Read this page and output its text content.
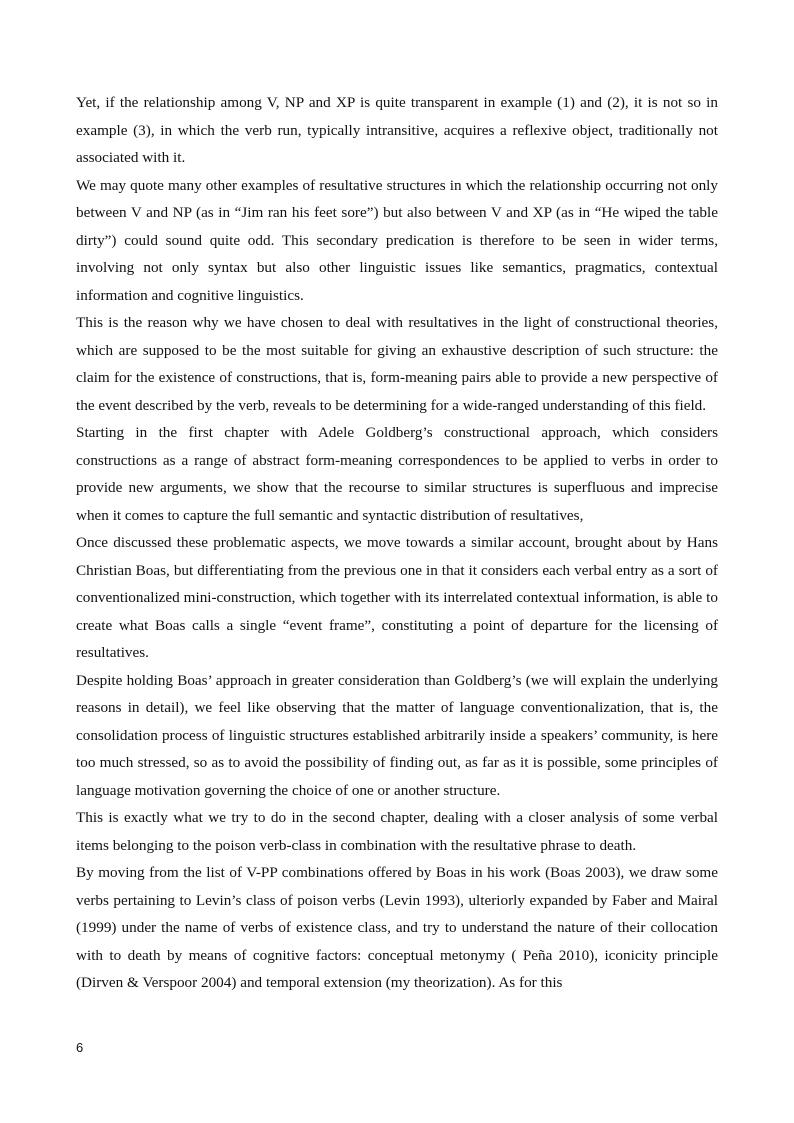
Yet, if the relationship among V, NP and XP is quite transparent in example (1) and (2), it is not so in example (3), in which the verb run, typically intransitive, acquires a reflexive object, traditionally not associated with it.

We may quote many other examples of resultative structures in which the relationship occurring not only between V and NP (as in “Jim ran his feet sore”) but also between V and XP (as in “He wiped the table dirty”) could sound quite odd. This secondary predication is therefore to be seen in wider terms, involving not only syntax but also other linguistic issues like semantics, pragmatics, contextual information and cognitive linguistics.

This is the reason why we have chosen to deal with resultatives in the light of constructional theories, which are supposed to be the most suitable for giving an exhaustive description of such structure: the claim for the existence of constructions, that is, form-meaning pairs able to provide a new perspective of the event described by the verb, reveals to be determining for a wide-ranged understanding of this field.

Starting in the first chapter with Adele Goldberg’s constructional approach, which considers constructions as a range of abstract form-meaning correspondences to be applied to verbs in order to provide new arguments, we show that the recourse to similar structures is superfluous and imprecise when it comes to capture the full semantic and syntactic distribution of resultatives,

Once discussed these problematic aspects, we move towards a similar account, brought about by Hans Christian Boas, but differentiating from the previous one in that it considers each verbal entry as a sort of conventionalized mini-construction, which together with its interrelated contextual information, is able to create what Boas calls a single “event frame”, constituting a point of departure for the licensing of resultatives.

Despite holding Boas’ approach in greater consideration than Goldberg’s (we will explain the underlying reasons in detail), we feel like observing that the matter of language conventionalization, that is, the consolidation process of linguistic structures established arbitrarily inside a speakers’ community, is here too much stressed, so as to avoid the possibility of finding out, as far as it is possible, some principles of language motivation governing the choice of one or another structure.

This is exactly what we try to do in the second chapter, dealing with a closer analysis of some verbal items belonging to the poison verb-class in combination with the resultative phrase to death.

By moving from the list of V-PP combinations offered by Boas in his work (Boas 2003), we draw some verbs pertaining to Levin’s class of poison verbs (Levin 1993), ulteriorly expanded by Faber and Mairal (1999) under the name of verbs of existence class, and try to understand the nature of their collocation with to death by means of cognitive factors: conceptual metonymy ( Peña 2010), iconicity principle (Dirven & Verspoor 2004) and temporal extension (my theorization). As for this

6
